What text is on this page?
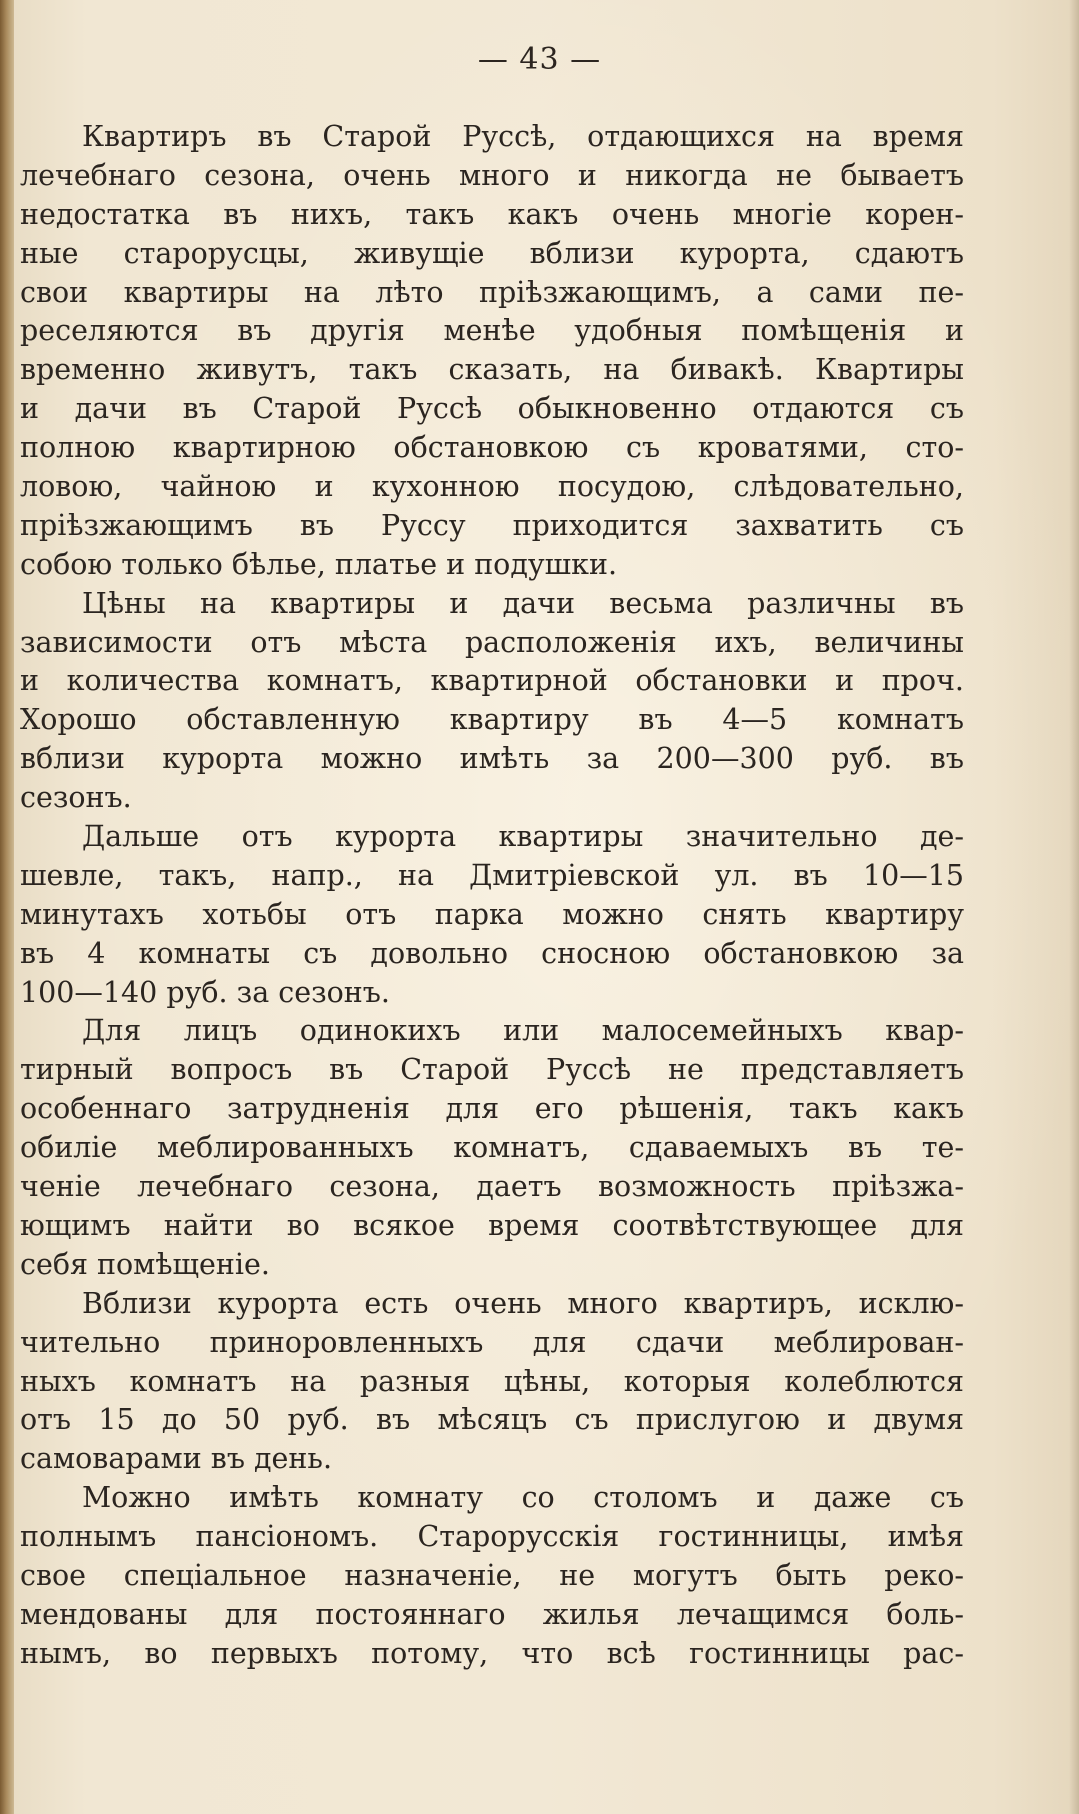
— 43 —
Квартиръ въ Старой Руссѣ, отдающихся на время
лечебнаго сезона, очень много и никогда не бываетъ
недостатка въ нихъ, такъ какъ очень многіе корен-
ные старорусцы, живущіе вблизи курорта, сдаютъ
свои квартиры на лѣто пріѣзжающимъ, а сами пе-
реселяются въ другія менѣе удобныя помѣщенія и
временно живутъ, такъ сказать, на бивакѣ. Квартиры
и дачи въ Старой Руссѣ обыкновенно отдаются съ
полною квартирною обстановкою съ кроватями, сто-
ловою, чайною и кухонною посудою, слѣдовательно,
пріѣзжающимъ въ Руссу приходится захватить съ
собою только бѣлье, платье и подушки.
Цѣны на квартиры и дачи весьма различны въ
зависимости отъ мѣста расположенія ихъ, величины
и количества комнатъ, квартирной обстановки и проч.
Хорошо обставленную квартиру въ 4—5 комнатъ
вблизи курорта можно имѣть за 200—300 руб. въ
сезонъ.
Дальше отъ курорта квартиры значительно де-
шевле, такъ, напр., на Дмитріевской ул. въ 10—15
минутахъ хотьбы отъ парка можно снять квартиру
въ 4 комнаты съ довольно сносною обстановкою за
100—140 руб. за сезонъ.
Для лицъ одинокихъ или малосемейныхъ квар-
тирный вопросъ въ Старой Руссѣ не представляетъ
особеннаго затрудненія для его рѣшенія, такъ какъ
обиліе меблированныхъ комнатъ, сдаваемыхъ въ те-
ченіе лечебнаго сезона, даетъ возможность пріѣзжа-
ющимъ найти во всякое время соотвѣтствующее для
себя помѣщеніе.
Вблизи курорта есть очень много квартиръ, исклю-
чительно приноровленныхъ для сдачи меблирован-
ныхъ комнатъ на разныя цѣны, которыя колеблются
отъ 15 до 50 руб. въ мѣсяцъ съ прислугою и двумя
самоварами въ день.
Можно имѣть комнату со столомъ и даже съ
полнымъ пансіономъ. Старорусскія гостинницы, имѣя
свое спеціальное назначеніе, не могутъ быть реко-
мендованы для постояннаго жилья лечащимся боль-
нымъ, во первыхъ потому, что всѣ гостинницы рас-
